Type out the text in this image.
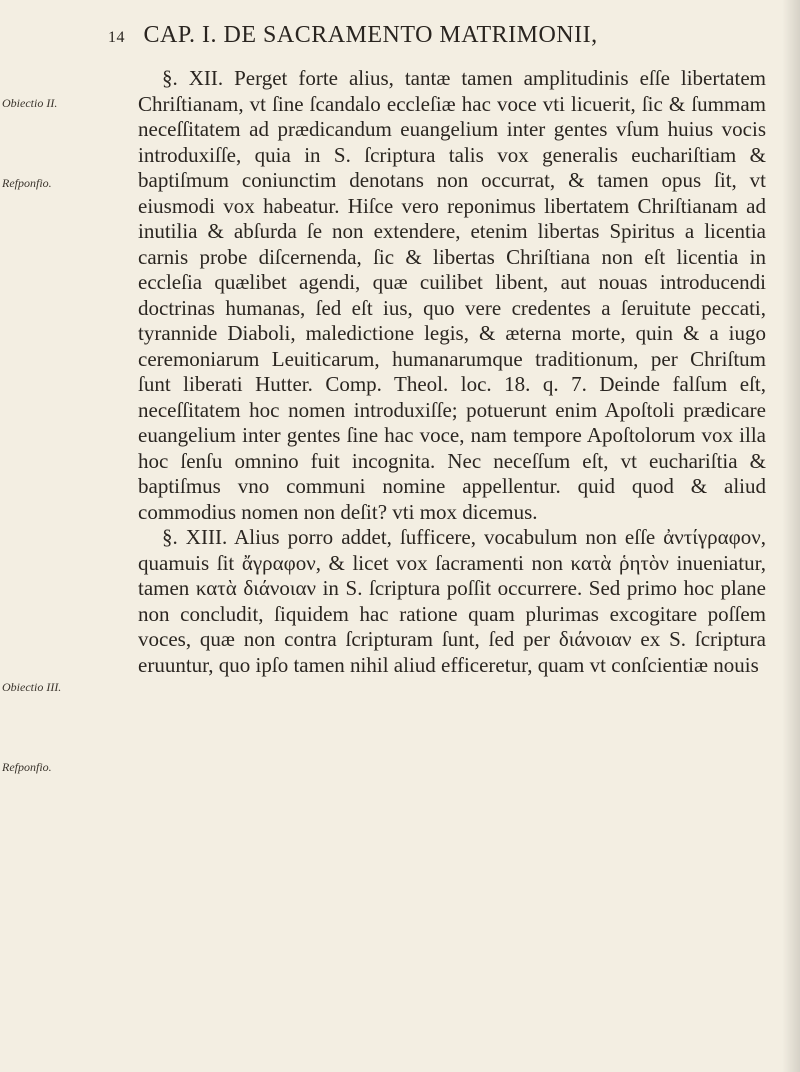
14 CAP. I. DE SACRAMENTO MATRIMONII,
Obiectio II.
Refponfio.
Obiectio III.
Refponfio.

§. XII. Perget forte alius, tantæ tamen amplitudinis eſſe libertatem Chriſtianam, vt ſine ſcandalo eccleſiæ hac voce vti licuerit, ſic & ſummam neceſſitatem ad prædicandum euangelium inter gentes vſum huius vocis introduxiſſe, quia in S. ſcriptura talis vox generalis euchariſtiam & baptiſmum coniunctim denotans non occurrat, & tamen opus ſit, vt eiusmodi vox habeatur. Hiſce vero reponimus libertatem Chriſtianam ad inutilia & abſurda ſe non extendere, etenim libertas Spiritus a licentia carnis probe diſcernenda, ſic & libertas Chriſtiana non eſt licentia in eccleſia quælibet agendi, quæ cuilibet libent, aut nouas introducendi doctrinas humanas, ſed eſt ius, quo vere credentes a ſeruitute peccati, tyrannide Diaboli, maledictione legis, & æterna morte, quin & a iugo ceremoniarum Leuiticarum, humanarumque traditionum, per Chriſtum ſunt liberati Hutter. Comp. Theol. loc. 18. q. 7. Deinde falſum eſt, neceſſitatem hoc nomen introduxiſſe; potuerunt enim Apoſtoli prædicare euangelium inter gentes ſine hac voce, nam tempore Apoſtolorum vox illa hoc ſenſu omnino fuit incognita. Nec neceſſum eſt, vt euchariſtia & baptiſmus vno communi nomine appellentur. quid quod & aliud commodius nomen non deſit? vti mox dicemus.

§. XIII. Alius porro addet, ſufficere, vocabulum non eſſe ἀντίγραφον, quamuis ſit ἄγραφον, & licet vox ſacramenti non κατὰ ῥητὸν inueniatur, tamen κατὰ διάνοιαν in S. ſcriptura poſſit occurrere. Sed primo hoc plane non concludit, ſiquidem hac ratione quam plurimas excogitare poſſem voces, quæ non contra ſcripturam ſunt, ſed per διάνοιαν ex S. ſcriptura eruuntur, quo ipſo tamen nihil aliud efficeretur, quam vt conſcientiæ nouis
